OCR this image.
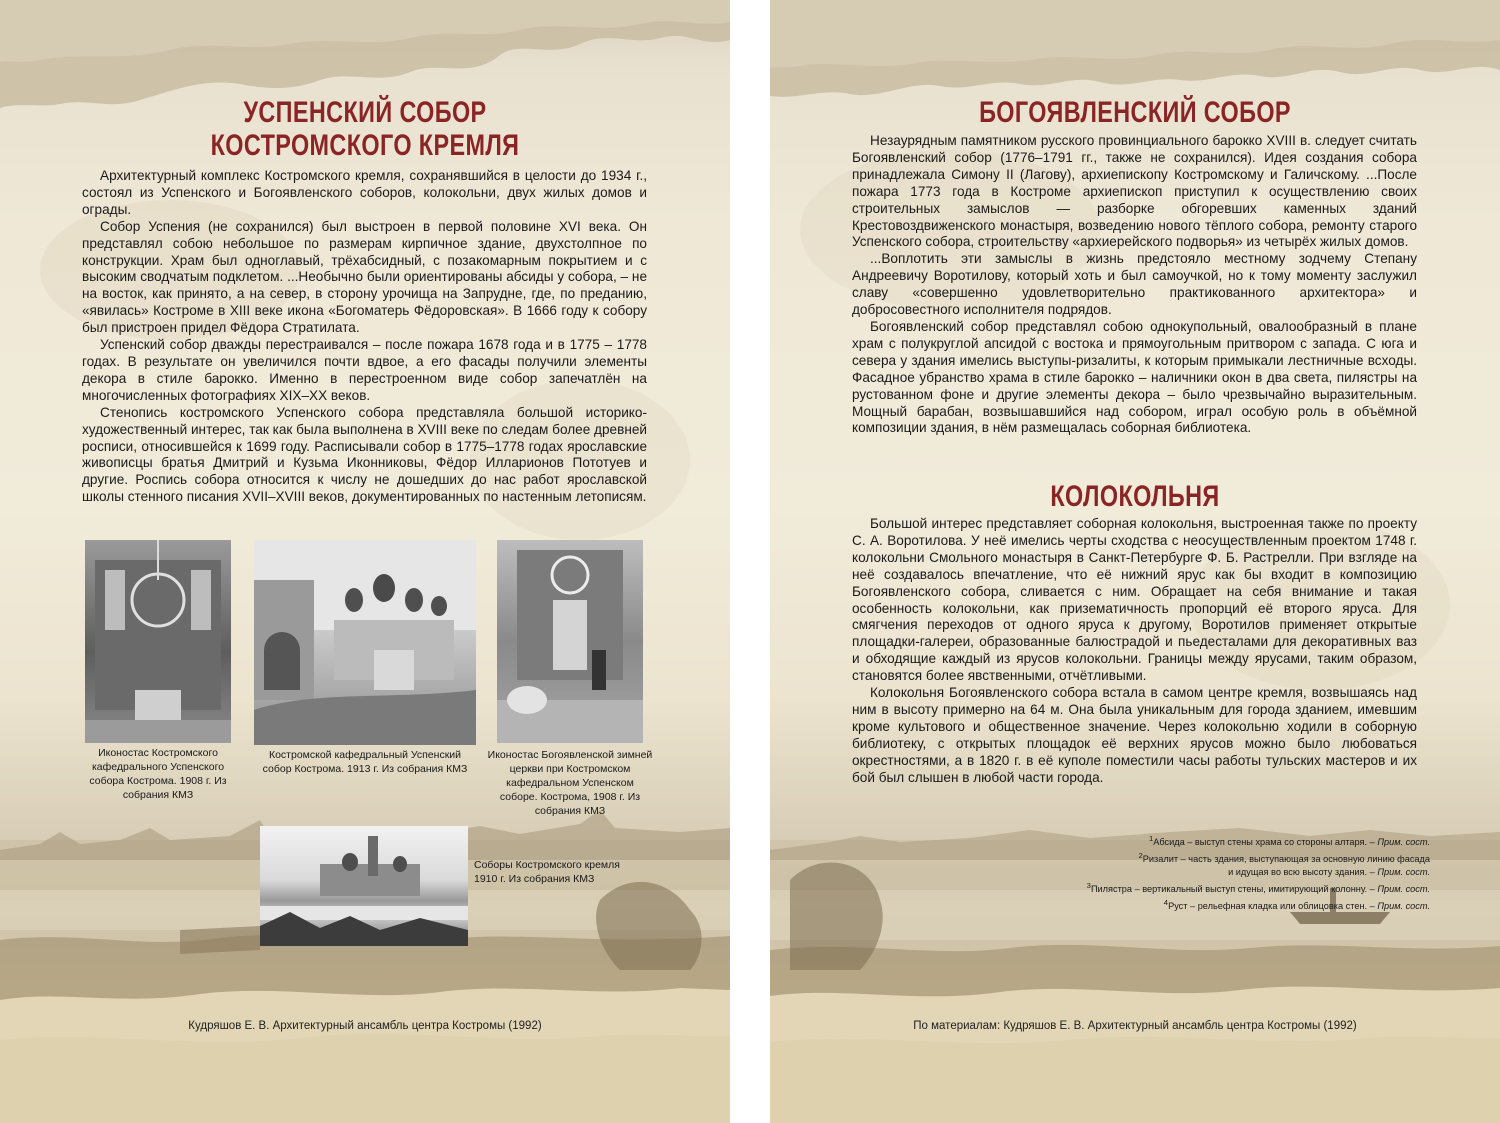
УСПЕНСКИЙ СОБОР
КОСТРОМСКОГО КРЕМЛЯ

Архитектурный комплекс Костромского кремля, сохранявшийся в целости до 1934 г., состоял из Успенского и Богоявленского соборов, колокольни, двух жилых домов и ограды.

Собор Успения (не сохранился) был выстроен в первой половине XVI века. Он представлял собою небольшое по размерам кирпичное здание, двухстолпное по конструкции. Храм был одноглавый, трёхабсидный, с позакомарным покрытием и с высоким сводчатым подклетом. ...Необычно были ориентированы абсиды у собора, – не на восток, как принято, а на север, в сторону урочища на Запрудне, где, по преданию, «явилась» Костроме в XIII веке икона «Богоматерь Фёдоровская». В 1666 году к собору был пристроен придел Фёдора Стратилата.

Успенский собор дважды перестраивался – после пожара 1678 года и в 1775 – 1778 годах. В результате он увеличился почти вдвое, а его фасады получили элементы декора в стиле барокко. Именно в перестроенном виде собор запечатлён на многочисленных фотографиях XIX–XX веков.

Стенопись костромского Успенского собора представляла большой историко-художественный интерес, так как была выполнена в XVIII веке по следам более древней росписи, относившейся к 1699 году. Расписывали собор в 1775–1778 годах ярославские живописцы братья Дмитрий и Кузьма Иконниковы, Фёдор Илларионов Пототуев и другие. Роспись собора относится к числу не дошедших до нас работ ярославской школы стенного писания XVII–XVIII веков, документированных по настенным летописям.

Иконостас Костромского кафедрального Успенского собора Кострома. 1908 г. Из собрания КМЗ
Костромской кафедральный Успенский собор Кострома. 1913 г. Из собрания КМЗ
Иконостас Богоявленской зимней церкви при Костромском кафедральном Успенском соборе. Кострома, 1908 г. Из собрания КМЗ
Соборы Костромского кремля 1910 г. Из собрания КМЗ
Кудряшов Е. В. Архитектурный ансамбль центра Костромы (1992)
БОГОЯВЛЕНСКИЙ СОБОР

Незаурядным памятником русского провинциального барокко XVIII в. следует считать Богоявленский собор (1776–1791 гг., также не сохранился). Идея создания собора принадлежала Симону II (Лагову), архиепископу Костромскому и Галичскому. ...После пожара 1773 года в Костроме архиепископ приступил к осуществлению своих строительных замыслов — разборке обгоревших каменных зданий Крестовоздвиженского монастыря, возведению нового тёплого собора, ремонту старого Успенского собора, строительству «архиерейского подворья» из четырёх жилых домов.

...Воплотить эти замыслы в жизнь предстояло местному зодчему Степану Андреевичу Воротилову, который хоть и был самоучкой, но к тому моменту заслужил славу «совершенно удовлетворительно практикованного архитектора» и добросовестного исполнителя подрядов.

Богоявленский собор представлял собою однокупольный, овалообразный в плане храм с полукруглой апсидой с востока и прямоугольным притвором с запада. С юга и севера у здания имелись выступы-ризалиты, к которым примыкали лестничные всходы. Фасадное убранство храма в стиле барокко – наличники окон в два света, пилястры на рустованном фоне и другие элементы декора – было чрезвычайно выразительным. Мощный барабан, возвышавшийся над собором, играл особую роль в объёмной композиции здания, в нём размещалась соборная библиотека.

КОЛОКОЛЬНЯ

Большой интерес представляет соборная колокольня, выстроенная также по проекту С. А. Воротилова. У неё имелись черты сходства с неосуществленным проектом 1748 г. колокольни Смольного монастыря в Санкт-Петербурге Ф. Б. Растрелли. При взгляде на неё создавалось впечатление, что её нижний ярус как бы входит в композицию Богоявленского собора, сливается с ним. Обращает на себя внимание и такая особенность колокольни, как призематичность пропорций её второго яруса. Для смягчения переходов от одного яруса к другому, Воротилов применяет открытые площадки-галереи, образованные балюстрадой и пьедесталами для декоративных ваз и обходящие каждый из ярусов колокольни. Границы между ярусами, таким образом, становятся более явственными, отчётливыми.

Колокольня Богоявленского собора встала в самом центре кремля, возвышаясь над ним в высоту примерно на 64 м. Она была уникальным для города зданием, имевшим кроме культового и общественное значение. Через колокольню ходили в соборную библиотеку, с открытых площадок её верхних ярусов можно было любоваться окрестностями, а в 1820 г. в её куполе поместили часы работы тульских мастеров и их бой был слышен в любой части города.

$^1$Абсида – выступ стены храма со стороны алтаря. – Прим. сост.
$^2$Ризалит – часть здания, выступающая за основную линию фасада
и идущая во всю высоту здания. – Прим. сост.
$^3$Пилястра – вертикальный выступ стены, имитирующий колонну. – Прим. сост.
$^4$Руст – рельефная кладка или облицовка стен. – Прим. сост.
По материалам: Кудряшов Е. В. Архитектурный ансамбль центра Костромы (1992)
